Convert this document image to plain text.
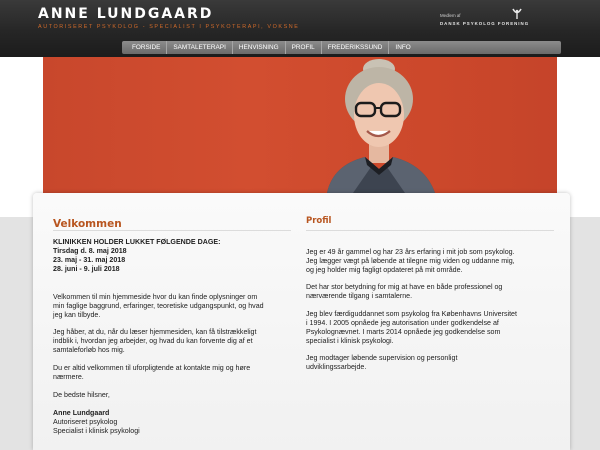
ANNE LUNDGAARD
AUTORISERET PSYKOLOG - SPECIALIST I PSYKOTERAPI, VOKSNE
Medlem af
DANSK PSYKOLOG FORENING
FORSIDE	SAMTALETERAPI	HENVISNING	PROFIL	FREDERIKSSUND	INFO
Velkommen	Profil
KLINIKKEN HOLDER LUKKET FØLGENDE DAGE:
Tirsdag d. 8. maj 2018
23. maj - 31. maj 2018
28. juni - 9. juli 2018
Velkommen til min hjemmeside hvor du kan finde oplysninger om
min faglige baggrund, erfaringer, teoretiske udgangspunkt, og hvad
jeg kan tilbyde.
Jeg håber, at du, når du læser hjemmesiden, kan få tilstrækkeligt
indblik i, hvordan jeg arbejder, og hvad du kan forvente dig af et
samtaleforløb hos mig.
Du er altid velkommen til uforpligtende at kontakte mig og høre
nærmere.
De bedste hilsner,
Anne Lundgaard
Autoriseret psykolog
Specialist i klinisk psykologi
Jeg er 49 år gammel og har 23 års erfaring i mit job som psykolog.
Jeg lægger vægt på løbende at tilegne mig viden og uddanne mig,
og jeg holder mig fagligt opdateret på mit område.
Det har stor betydning for mig at have en både professionel og
nærværende tilgang i samtalerne.
Jeg blev færdiguddannet som psykolog fra Københavns Universitet
i 1994. I 2005 opnåede jeg autorisation under godkendelse af
Psykolognævnet. I marts 2014 opnåede jeg godkendelse som
specialist i klinisk psykologi.
Jeg modtager løbende supervision og personligt
udviklingssarbejde.
